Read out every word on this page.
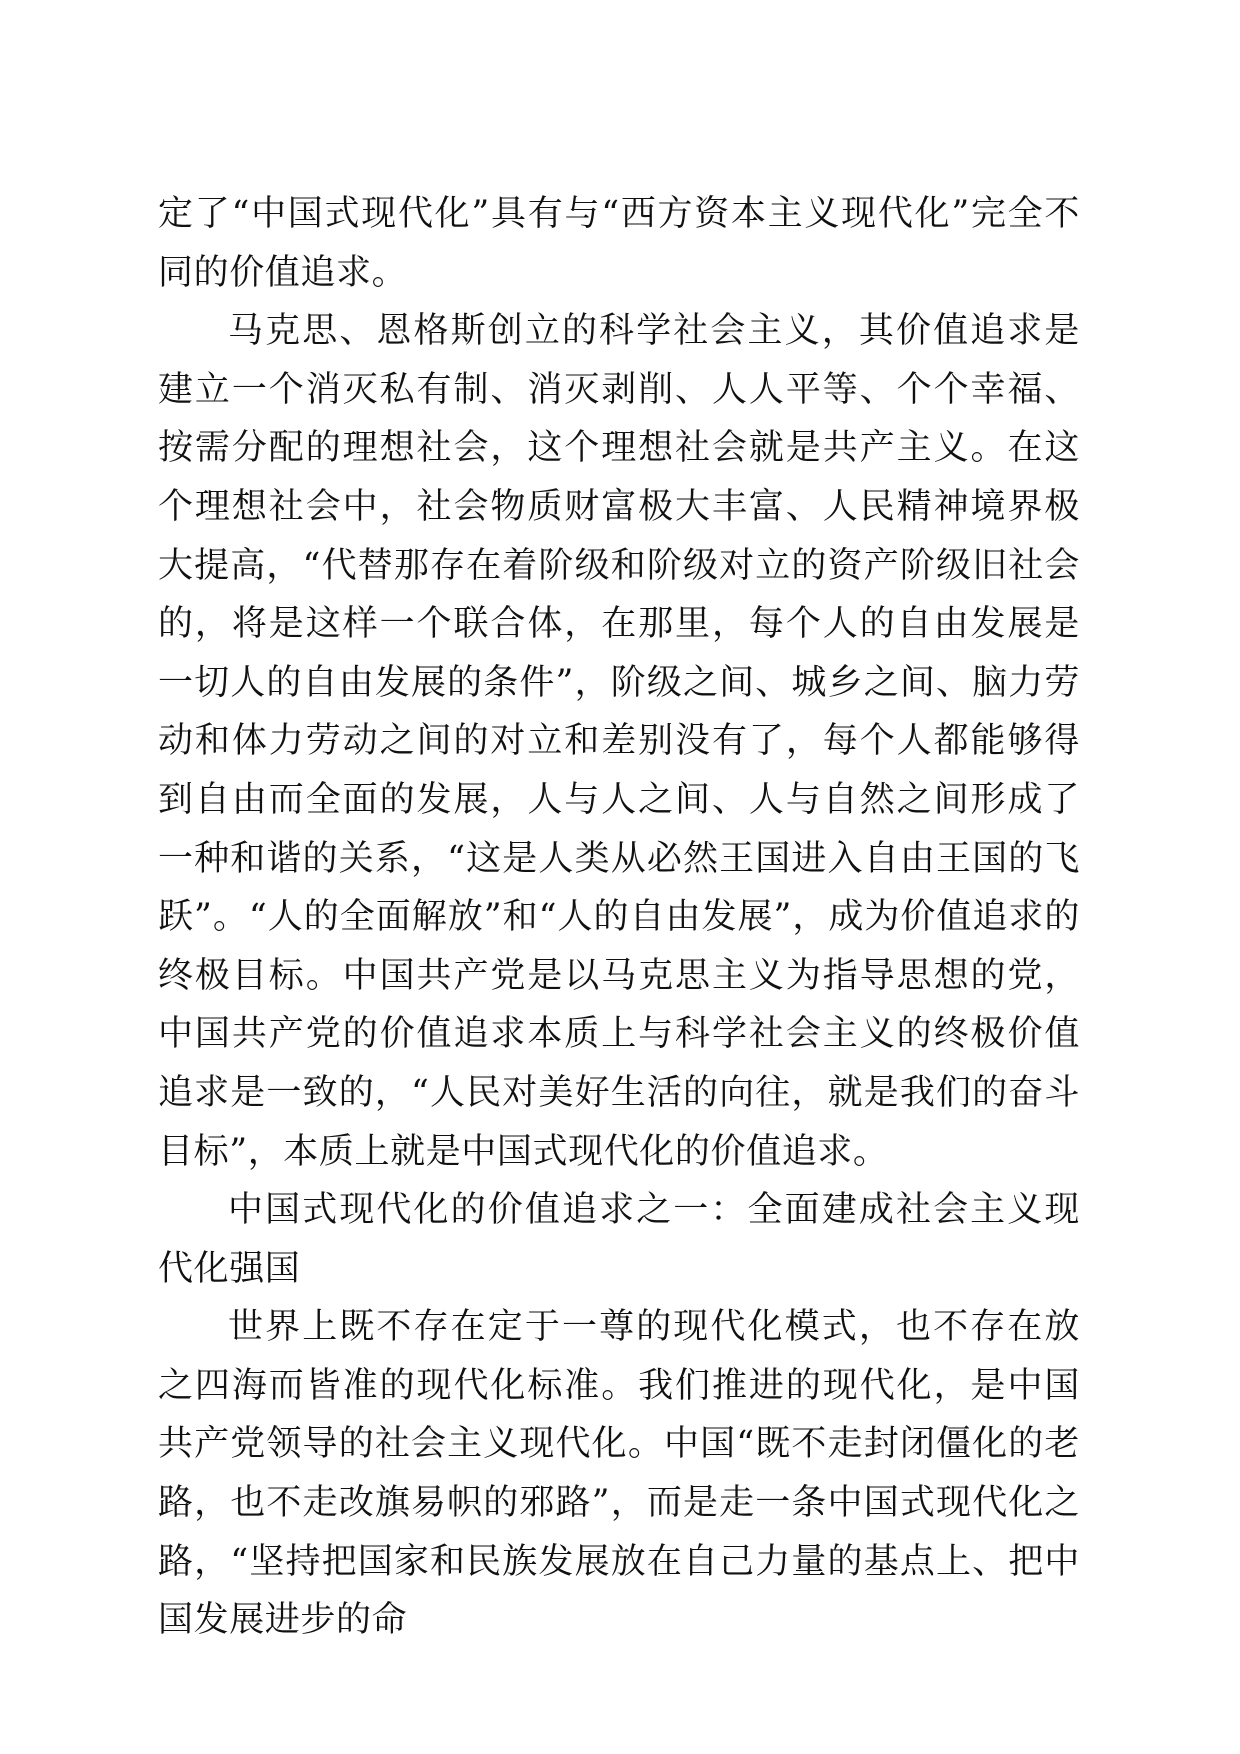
定了“中国式现代化”具有与“西方资本主义现代化”完全不同的价值追求。

马克思、恩格斯创立的科学社会主义，其价值追求是建立一个消灭私有制、消灭剥削、人人平等、个个幸福、按需分配的理想社会，这个理想社会就是共产主义。在这个理想社会中，社会物质财富极大丰富、人民精神境界极大提高，“代替那存在着阶级和阶级对立的资产阶级旧社会的，将是这样一个联合体，在那里，每个人的自由发展是一切人的自由发展的条件”，阶级之间、城乡之间、脑力劳动和体力劳动之间的对立和差别没有了，每个人都能够得到自由而全面的发展，人与人之间、人与自然之间形成了一种和谐的关系，“这是人类从必然王国进入自由王国的飞跃”。“人的全面解放”和“人的自由发展”，成为价值追求的终极目标。中国共产党是以马克思主义为指导思想的党，中国共产党的价值追求本质上与科学社会主义的终极价值追求是一致的，“人民对美好生活的向往，就是我们的奋斗目标”，本质上就是中国式现代化的价值追求。

中国式现代化的价值追求之一：全面建成社会主义现代化强国

世界上既不存在定于一尊的现代化模式，也不存在放之四海而皆准的现代化标准。我们推进的现代化，是中国共产党领导的社会主义现代化。中国“既不走封闭僵化的老路，也不走改旗易帜的邪路”，而是走一条中国式现代化之路，“坚持把国家和民族发展放在自己力量的基点上、把中国发展进步的命
